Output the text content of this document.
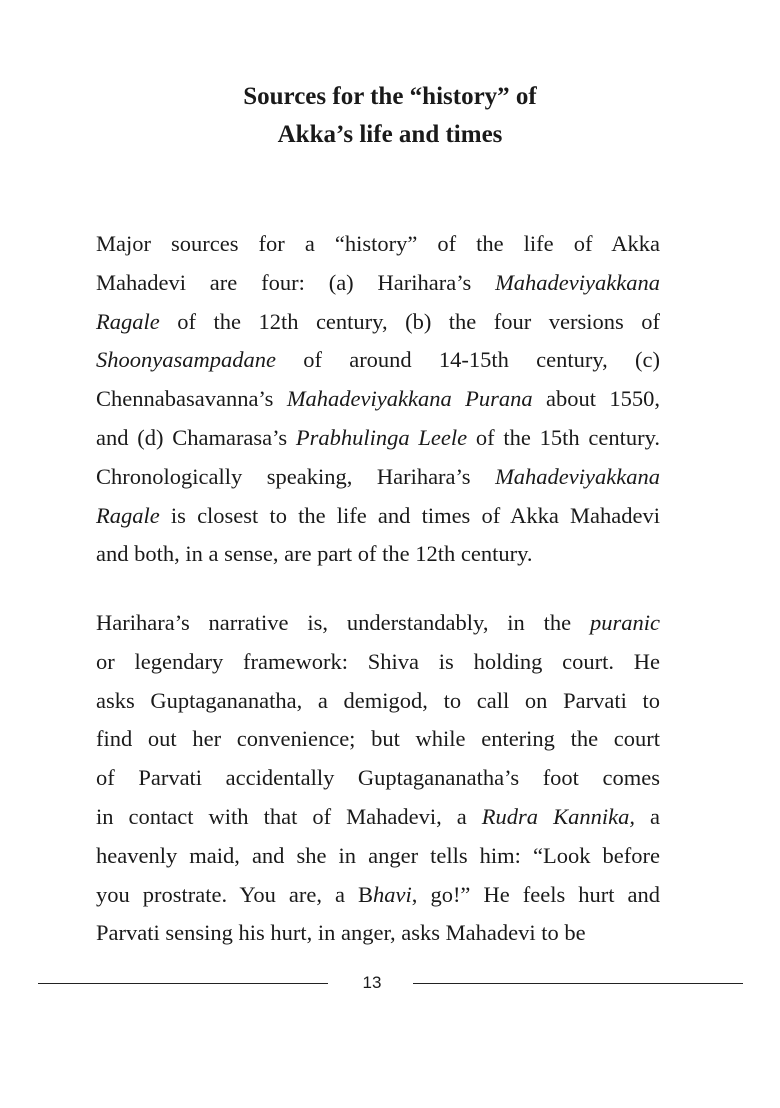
Sources for the “history” of
Akka’s life and times

Major sources for a “history” of the life of Akka
Mahadevi are four: (a) Harihara’s Mahadeviyakkana
Ragale of the 12th century, (b) the four versions of
Shoonyasampadane of around 14-15th century, (c)
Chennabasavanna’s Mahadeviyakkana Purana about 1550,
and (d) Chamarasa’s Prabhulinga Leele of the 15th century.
Chronologically speaking, Harihara’s Mahadeviyakkana
Ragale is closest to the life and times of Akka Mahadevi
and both, in a sense, are part of the 12th century.

Harihara’s narrative is, understandably, in the puranic
or legendary framework: Shiva is holding court. He
asks Guptagananatha, a demigod, to call on Parvati to
find out her convenience; but while entering the court
of Parvati accidentally Guptagananatha’s foot comes
in contact with that of Mahadevi, a Rudra Kannika, a
heavenly maid, and she in anger tells him: “Look before
you prostrate. You are, a Bhavi, go!” He feels hurt and
Parvati sensing his hurt, in anger, asks Mahadevi to be

13
